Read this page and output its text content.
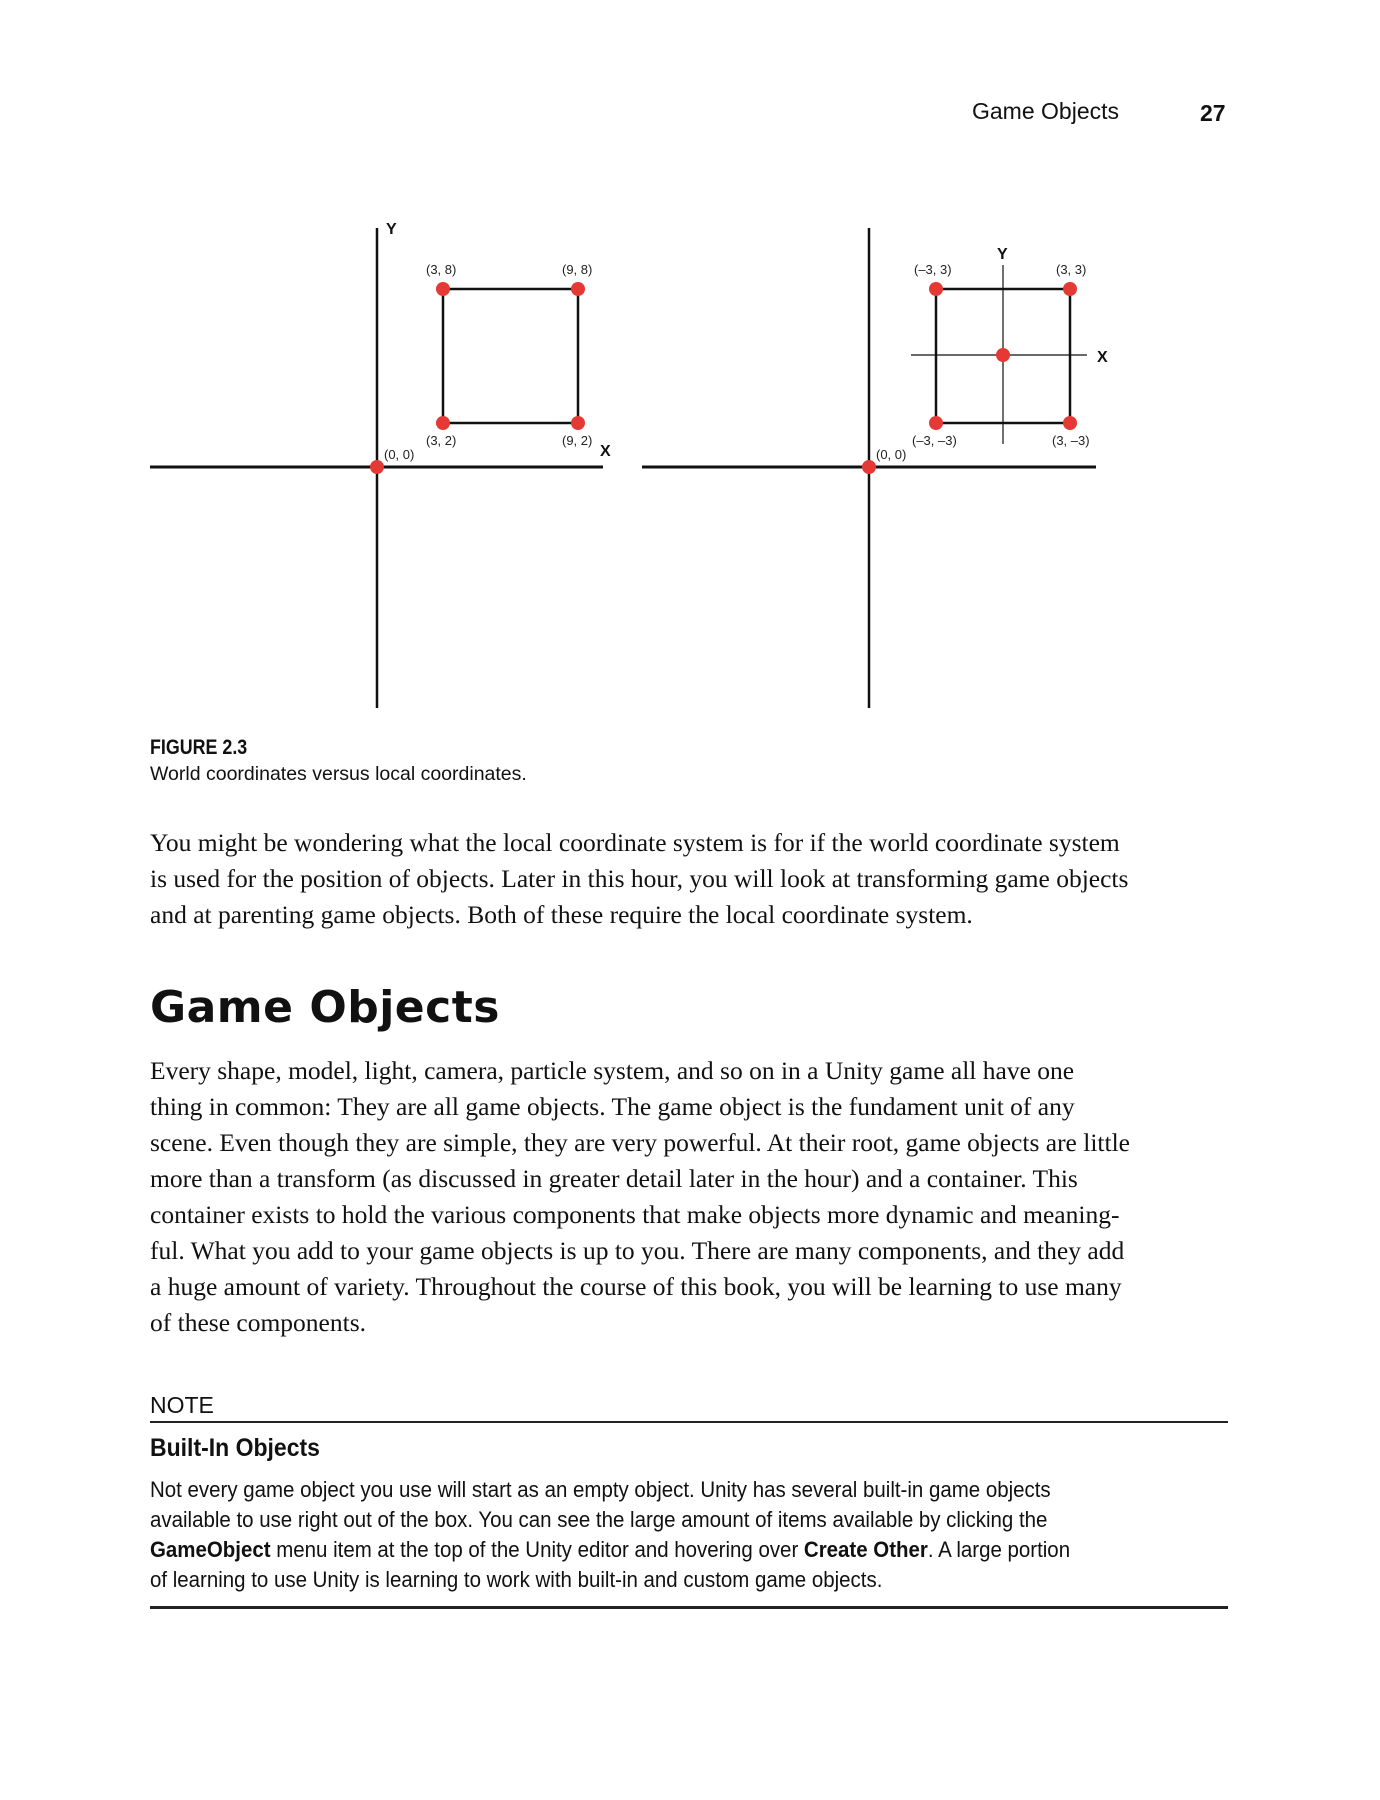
Game Objects	27
Y
X
(3, 8)	(9, 8)
(3, 2)	(9, 2)
(0, 0)
Y
X
(–3, 3)	(3, 3)
(–3, –3)	(3, –3)
(0, 0)
FIGURE 2.3
World coordinates versus local coordinates.
You might be wondering what the local coordinate system is for if the world coordinate system
is used for the position of objects. Later in this hour, you will look at transforming game objects
and at parenting game objects. Both of these require the local coordinate system.
Game Objects
Every shape, model, light, camera, particle system, and so on in a Unity game all have one
thing in common: They are all game objects. The game object is the fundament unit of any
scene. Even though they are simple, they are very powerful. At their root, game objects are little
more than a transform (as discussed in greater detail later in the hour) and a container. This
container exists to hold the various components that make objects more dynamic and meaning-
ful. What you add to your game objects is up to you. There are many components, and they add
a huge amount of variety. Throughout the course of this book, you will be learning to use many
of these components.
NOTE
Built-In Objects
Not every game object you use will start as an empty object. Unity has several built-in game objects
available to use right out of the box. You can see the large amount of items available by clicking the
GameObject menu item at the top of the Unity editor and hovering over Create Other. A large portion
of learning to use Unity is learning to work with built-in and custom game objects.
